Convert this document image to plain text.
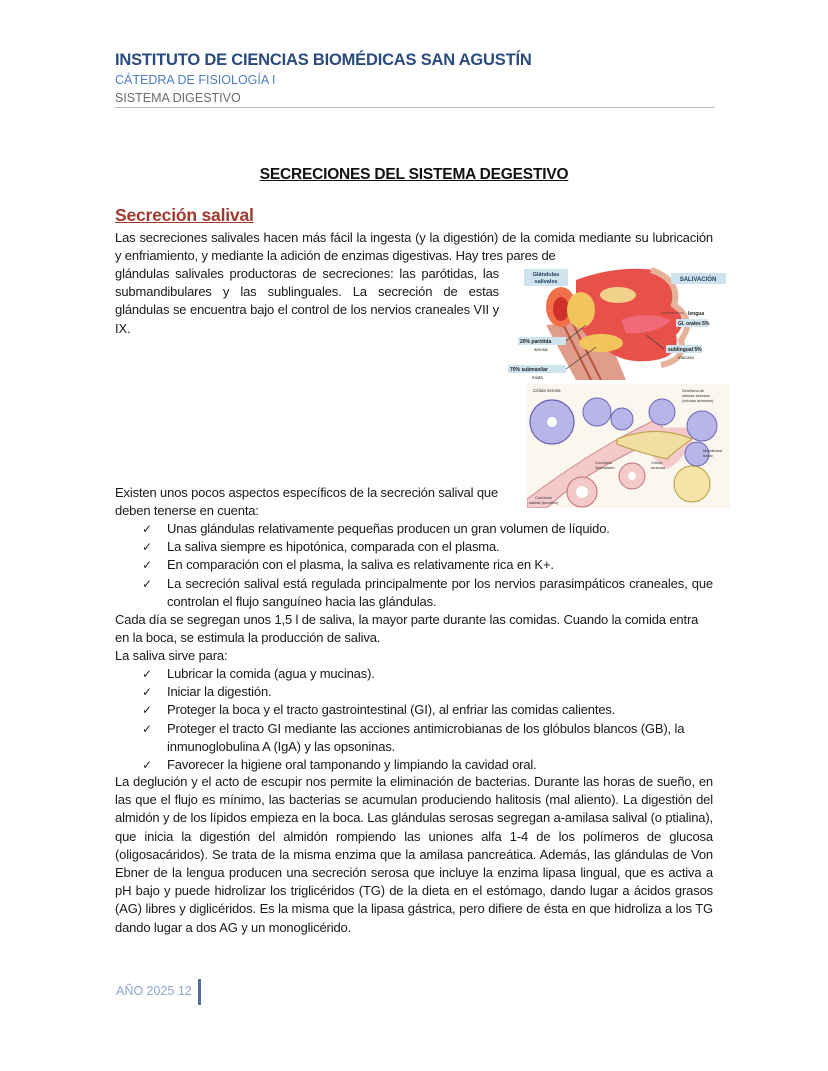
INSTITUTO DE CIENCIAS BIOMÉDICAS SAN AGUSTÍN
CÁTEDRA DE FISIOLOGÍA I
SISTEMA DIGESTIVO
SECRECIONES DEL SISTEMA DEGESTIVO
Secreción salival
Las secreciones salivales hacen más fácil la ingesta (y la digestión) de la comida mediante su lubricación y enfriamiento, y mediante la adición de enzimas digestivas. Hay tres pares de
glándulas salivales productoras de secreciones: las parótidas, las submandibulares y las sublinguales. La secreción de estas glándulas se encuentra bajo el control de los nervios craneales VII y IX.
Glándulas
salivales	SALIVACIÓN
lengua
Gl. orales 5%
20% parótida
serosa	sublingual 5%
mucosa
70% submaxilar
mixta
Célula serosa	Semiluna de
células serosas
(células acinares)
Membrana
basal
Célula
mucosa
Conducto
intercalado
Conducto
salival (secretor)
Existen unos pocos aspectos específicos de la secreción salival que deben tenerse en cuenta:
✓ Unas glándulas relativamente pequeñas producen un gran volumen de líquido.
✓ La saliva siempre es hipotónica, comparada con el plasma.
✓ En comparación con el plasma, la saliva es relativamente rica en K+.
✓ La secreción salival está regulada principalmente por los nervios parasimpáticos craneales, que controlan el flujo sanguíneo hacia las glándulas.
Cada día se segregan unos 1,5 l de saliva, la mayor parte durante las comidas. Cuando la comida entra en la boca, se estimula la producción de saliva.
La saliva sirve para:
✓ Lubricar la comida (agua y mucinas).
✓ Iniciar la digestión.
✓ Proteger la boca y el tracto gastrointestinal (GI), al enfriar las comidas calientes.
✓ Proteger el tracto GI mediante las acciones antimicrobianas de los glóbulos blancos (GB), la inmunoglobulina A (IgA) y las opsoninas.
✓ Favorecer la higiene oral tamponando y limpiando la cavidad oral.
La deglución y el acto de escupir nos permite la eliminación de bacterias. Durante las horas de sueño, en las que el flujo es mínimo, las bacterias se acumulan produciendo halitosis (mal aliento). La digestión del almidón y de los lípidos empieza en la boca. Las glándulas serosas segregan a-amilasa salival (o ptialina), que inicia la digestión del almidón rompiendo las uniones alfa 1-4 de los polímeros de glucosa (oligosacáridos). Se trata de la misma enzima que la amilasa pancreática. Además, las glándulas de Von Ebner de la lengua producen una secreción serosa que incluye la enzima lipasa lingual, que es activa a pH bajo y puede hidrolizar los triglicéridos (TG) de la dieta en el estómago, dando lugar a ácidos grasos (AG) libres y diglicéridos. Es la misma que la lipasa gástrica, pero difiere de ésta en que hidroliza a los TG dando lugar a dos AG y un monoglicérido.
AÑO 2025 12
